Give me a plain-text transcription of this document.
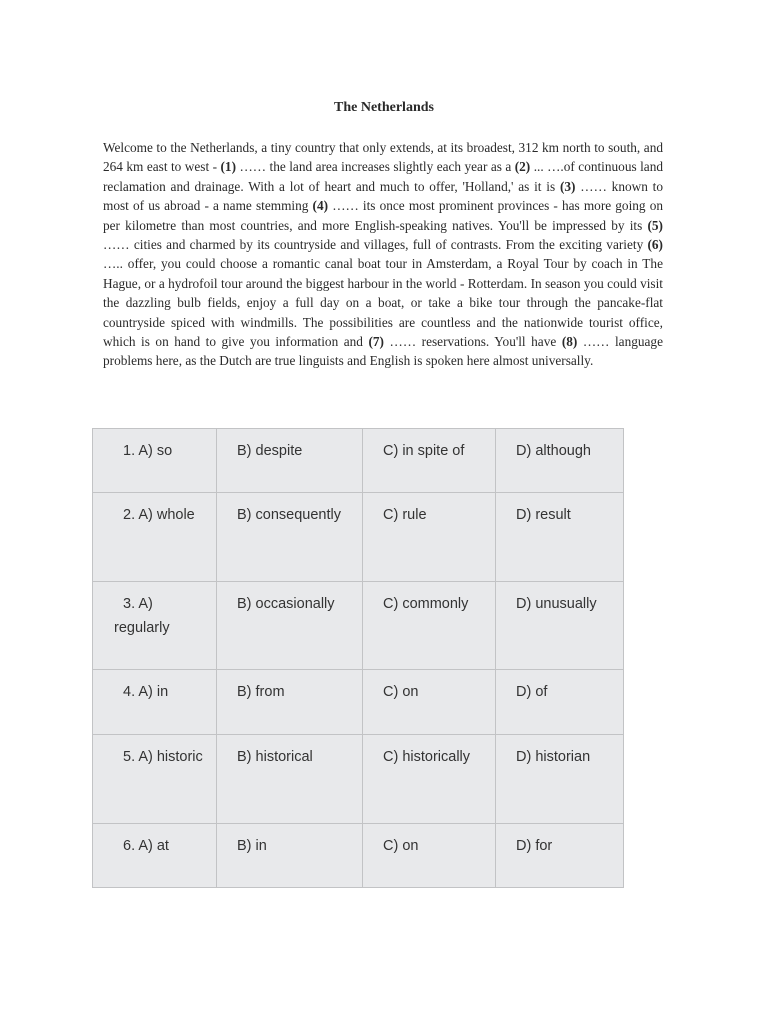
The Netherlands

Welcome to the Netherlands, a tiny country that only extends, at its broadest, 312 km north to south, and 264 km east to west - (1) …… the land area increases slightly each year as a (2) ... ….of continuous land reclamation and drainage. With a lot of heart and much to offer, 'Holland,' as it is (3) …… known to most of us abroad - a name stemming (4) …… its once most prominent provinces - has more going on per kilometre than most countries, and more English-speaking natives. You'll be impressed by its (5) …… cities and charmed by its countryside and villages, full of contrasts. From the exciting variety (6) ….. offer, you could choose a romantic canal boat tour in Amsterdam, a Royal Tour by coach in The Hague, or a hydrofoil tour around the biggest harbour in the world - Rotterdam. In season you could visit the dazzling bulb fields, enjoy a full day on a boat, or take a bike tour through the pancake-flat countryside spiced with windmills. The possibilities are countless and the nationwide tourist office, which is on hand to give you information and (7) …… reservations. You'll have (8) …… language problems here, as the Dutch are true linguists and English is spoken here almost universally.

1. A) so	B) despite	C) in spite of	D) although

2. A) whole	B) consequently	C) rule	D) result

3. A) regularly	B) occasionally	C) commonly	D) unusually

4. A) in	B) from	C) on	D) of

5. A) historic	B) historical	C) historically	D) historian

6. A) at	B) in	C) on	D) for
